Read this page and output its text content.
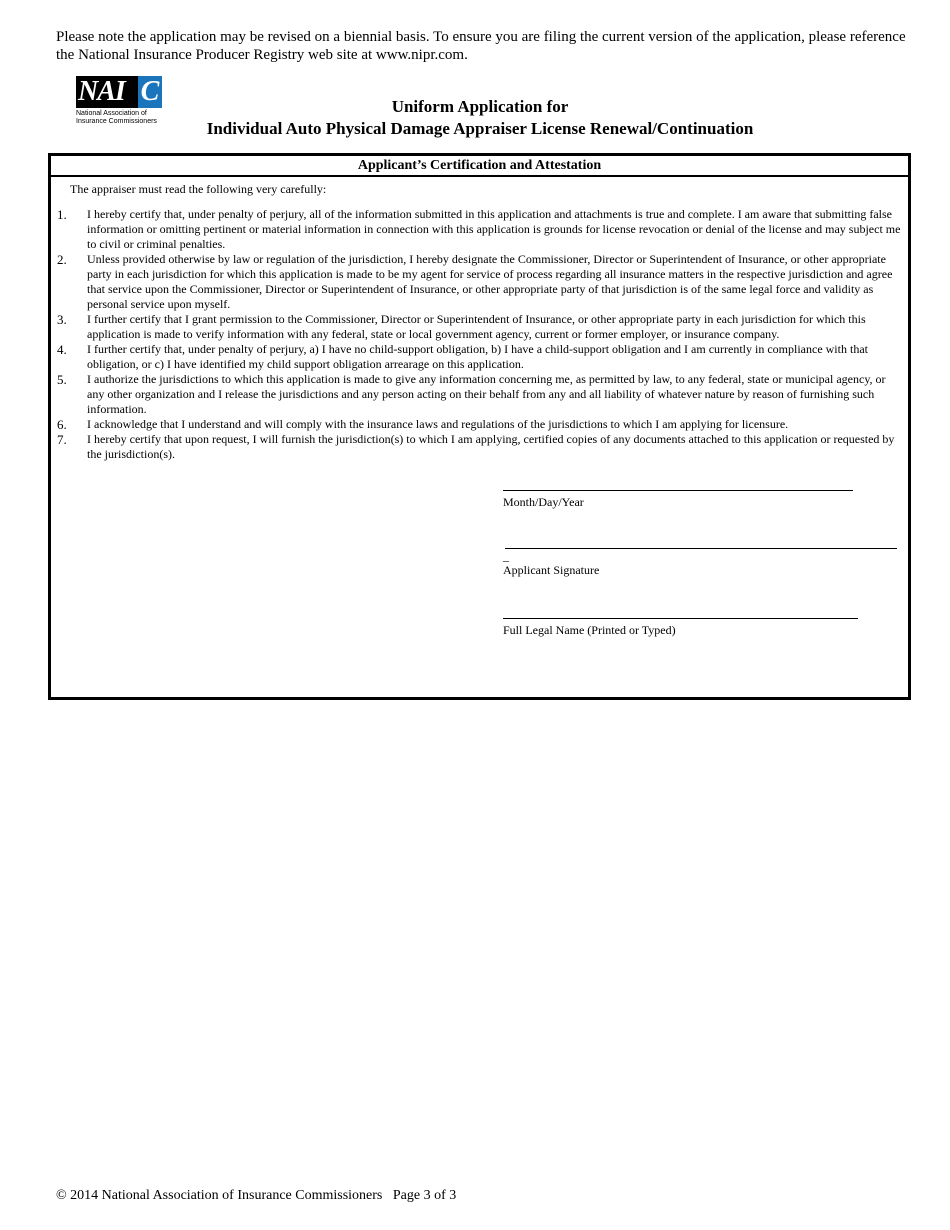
Please note the application may be revised on a biennial basis. To ensure you are filing the current version of the application, please reference the National Insurance Producer Registry web site at www.nipr.com.
NAI C
National Association of
Insurance Commissioners
Uniform Application for
Individual Auto Physical Damage Appraiser License Renewal/Continuation
Applicant’s Certification and Attestation
The appraiser must read the following very carefully:
1.	I hereby certify that, under penalty of perjury, all of the information submitted in this application and attachments is true and complete. I am aware that submitting false information or omitting pertinent or material information in connection with this application is grounds for license revocation or denial of the license and may subject me to civil or criminal penalties.
2.	Unless provided otherwise by law or regulation of the jurisdiction, I hereby designate the Commissioner, Director or Superintendent of Insurance, or other appropriate party in each jurisdiction for which this application is made to be my agent for service of process regarding all insurance matters in the respective jurisdiction and agree that service upon the Commissioner, Director or Superintendent of Insurance, or other appropriate party of that jurisdiction is of the same legal force and validity as personal service upon myself.
3.	I further certify that I grant permission to the Commissioner, Director or Superintendent of Insurance, or other appropriate party in each jurisdiction for which this application is made to verify information with any federal, state or local government agency, current or former employer, or insurance company.
4.	I further certify that, under penalty of perjury, a) I have no child-support obligation, b) I have a child-support obligation and I am currently in compliance with that obligation, or c) I have identified my child support obligation arrearage on this application.
5.	I authorize the jurisdictions to which this application is made to give any information concerning me, as permitted by law, to any federal, state or municipal agency, or any other organization and I release the jurisdictions and any person acting on their behalf from any and all liability of whatever nature by reason of furnishing such information.
6.	I acknowledge that I understand and will comply with the insurance laws and regulations of the jurisdictions to which I am applying for licensure.
7.	I hereby certify that upon request, I will furnish the jurisdiction(s) to which I am applying, certified copies of any documents attached to this application or requested by the jurisdiction(s).
Month/Day/Year
_
Applicant Signature
Full Legal Name (Printed or Typed)
© 2014 National Association of Insurance Commissioners   Page 3 of 3
